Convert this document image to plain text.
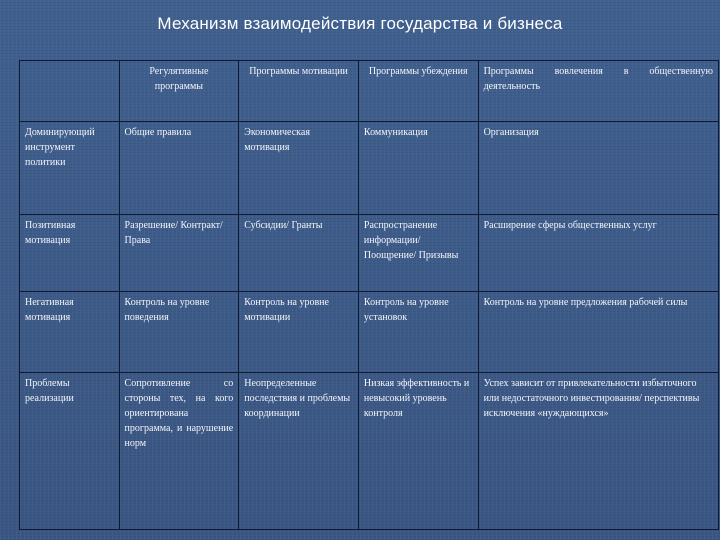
Механизм взаимодействия государства и бизнеса
	Регулятивные программы	Программы мотивации	Программы убеждения	Программы вовлечения в общественную деятельность
Доминирующий инструмент политики	Общие правила	Экономическая мотивация	Коммуникация	Организация
Позитивная мотивация	Разрешение/ Контракт/ Права	Субсидии/ Гранты	Распространение информации/ Поощрение/ Призывы	Расширение сферы общественных услуг
Негативная мотивация	Контроль на уровне поведения	Контроль на уровне мотивации	Контроль на уровне установок	Контроль на уровне предложения рабочей силы
Проблемы реализации	Сопротивление со стороны тех, на кого ориентирована программа, и нарушение норм	Неопределенные последствия и проблемы координации	Низкая эффективность и невысокий уровень контроля	Успех зависит от привлекательности избыточного или недостаточного инвестирования/ перспективы исключения «нуждающихся»
